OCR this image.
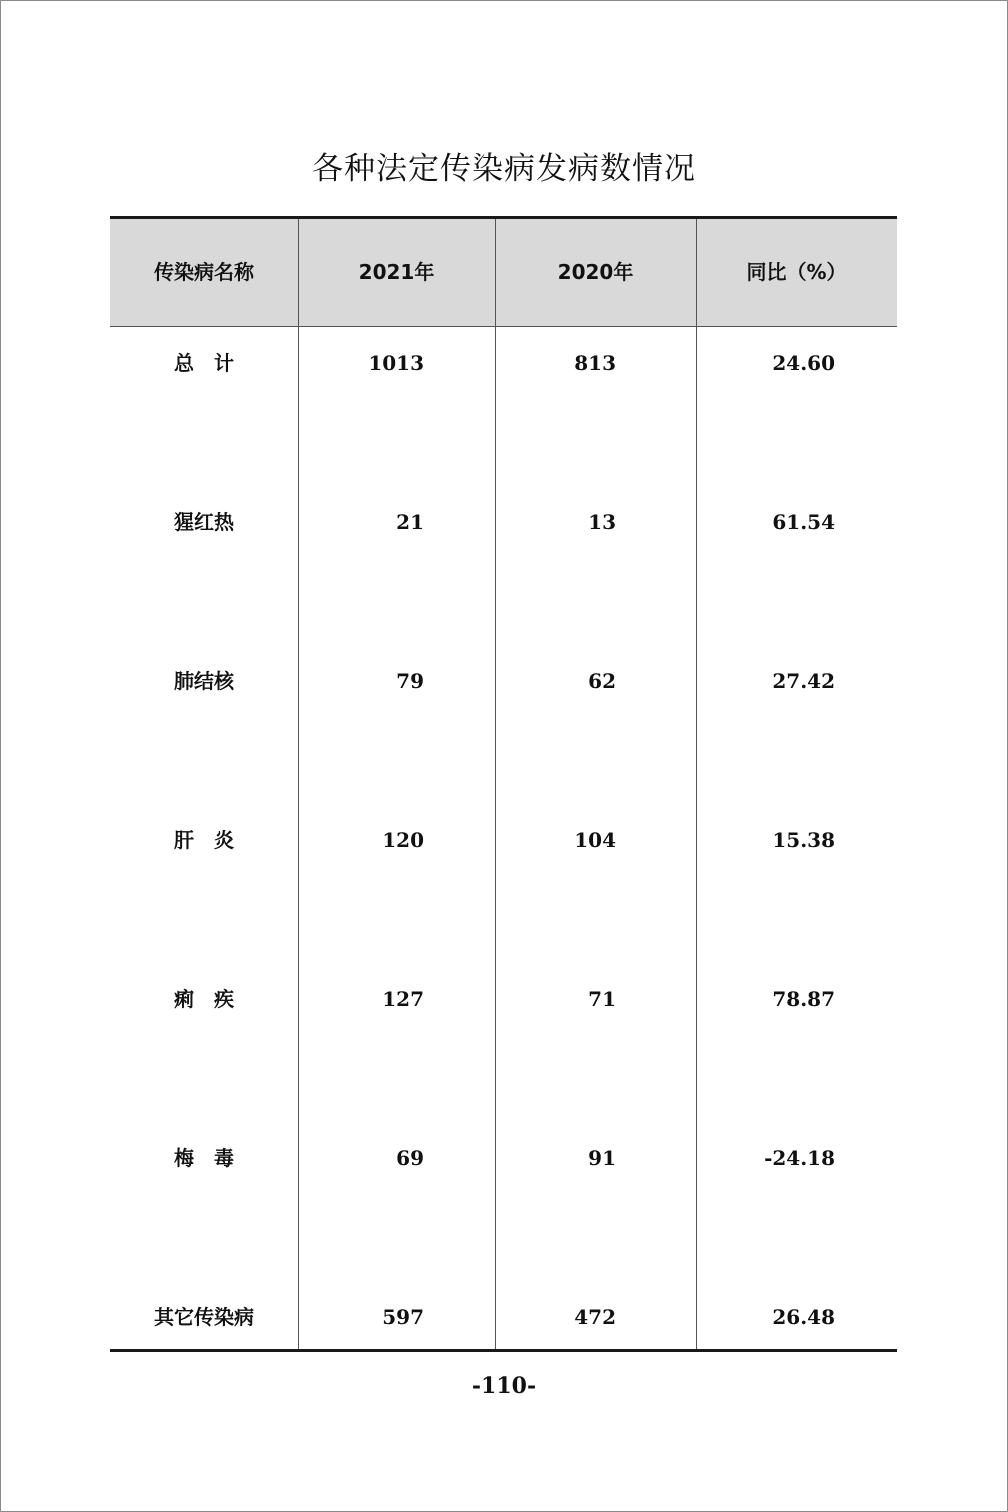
各种法定传染病发病数情况
传染病名称	2021年	2020年	同比（%）
总　计	1013	813	24.60
猩红热	21	13	61.54
肺结核	79	62	27.42
肝　炎	120	104	15.38
痢　疾	127	71	78.87
梅　毒	69	91	-24.18
其它传染病	597	472	26.48
-110-
